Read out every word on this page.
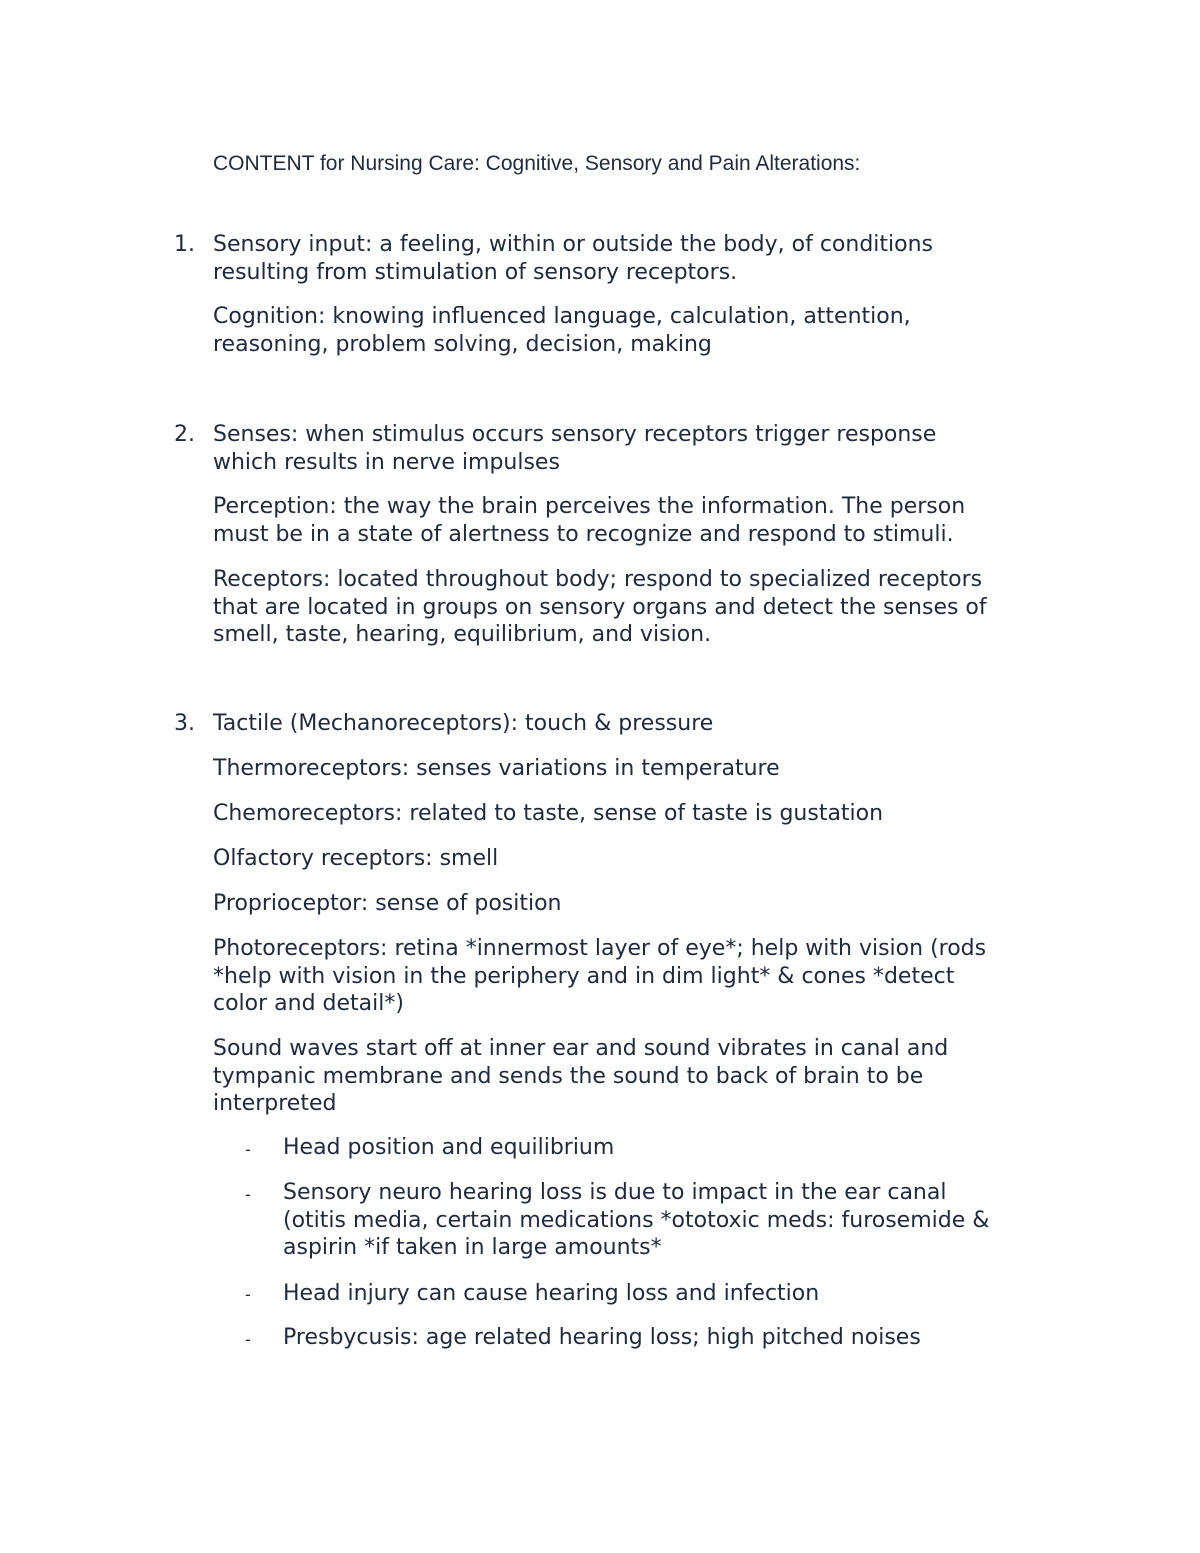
CONTENT for Nursing Care: Cognitive, Sensory and Pain Alterations:
1. Sensory input: a feeling, within or outside the body, of conditions
resulting from stimulation of sensory receptors.
Cognition: knowing influenced language, calculation, attention,
reasoning, problem solving, decision, making
2. Senses: when stimulus occurs sensory receptors trigger response
which results in nerve impulses
Perception: the way the brain perceives the information. The person
must be in a state of alertness to recognize and respond to stimuli.
Receptors: located throughout body; respond to specialized receptors
that are located in groups on sensory organs and detect the senses of
smell, taste, hearing, equilibrium, and vision.
3. Tactile (Mechanoreceptors): touch & pressure
Thermoreceptors: senses variations in temperature
Chemoreceptors: related to taste, sense of taste is gustation
Olfactory receptors: smell
Proprioceptor: sense of position
Photoreceptors: retina *innermost layer of eye*; help with vision (rods
*help with vision in the periphery and in dim light* & cones *detect
color and detail*)
Sound waves start off at inner ear and sound vibrates in canal and
tympanic membrane and sends the sound to back of brain to be
interpreted
-	Head position and equilibrium
-	Sensory neuro hearing loss is due to impact in the ear canal
(otitis media, certain medications *ototoxic meds: furosemide &
aspirin *if taken in large amounts*
-	Head injury can cause hearing loss and infection
-	Presbycusis: age related hearing loss; high pitched noises
